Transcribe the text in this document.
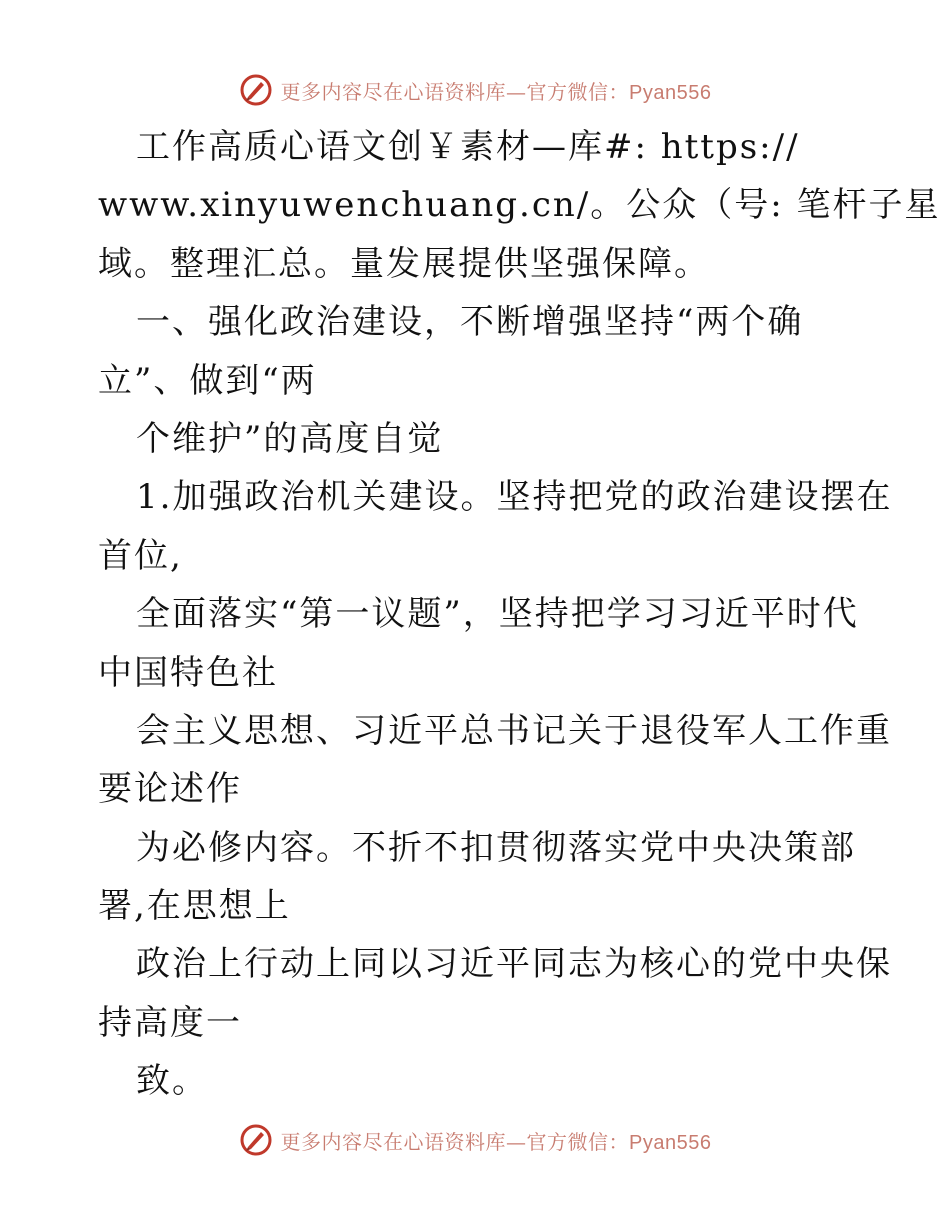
更多内容尽在心语资料库—官方微信：Pyan556
工作高质心语文创￥素材—库#: https://
www.xinyuwenchuang.cn/。公众（号: 笔杆子星
域。整理汇总。量发展提供坚强保障。
一、强化政治建设，不断增强坚持“两个确
立”、做到“两
个维护”的高度自觉
1.加强政治机关建设。坚持把党的政治建设摆在
首位,
全面落实“第一议题”，坚持把学习习近平时代
中国特色社
会主义思想、习近平总书记关于退役军人工作重
要论述作
为必修内容。不折不扣贯彻落实党中央决策部
署,在思想上
政治上行动上同以习近平同志为核心的党中央保
持高度一
致。
更多内容尽在心语资料库—官方微信：Pyan556
